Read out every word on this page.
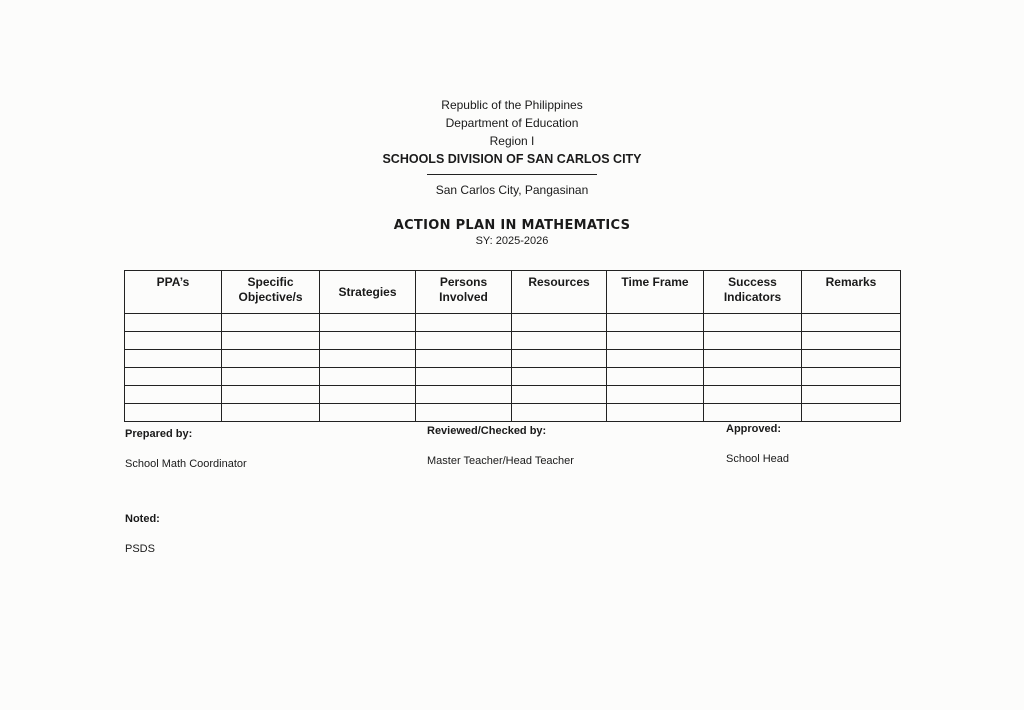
Republic of the Philippines
Department of Education
Region I
SCHOOLS DIVISION OF SAN CARLOS CITY
San Carlos City, Pangasinan
ACTION PLAN IN MATHEMATICS
SY: 2025-2026
PPA’s	Specific Objective/s	Strategies	Persons Involved	Resources	Time Frame	Success Indicators	Remarks

Prepared by:
School Math Coordinator
Reviewed/Checked by:
Master Teacher/Head Teacher
Approved:
School Head
Noted:
PSDS
